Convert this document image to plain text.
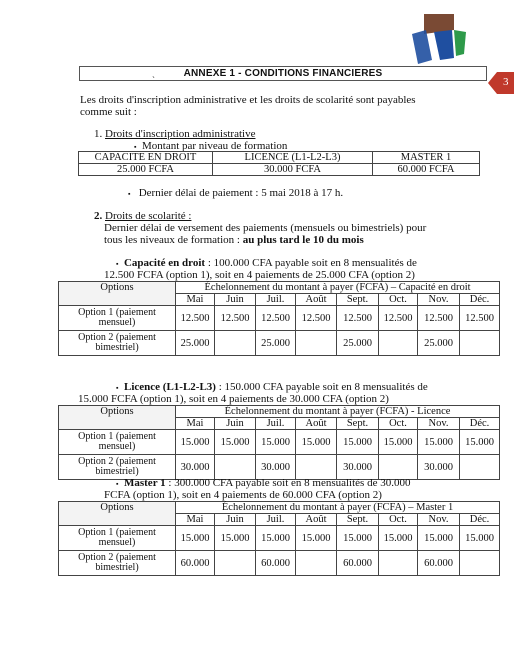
3
ˎ	ANNEXE 1 - CONDITIONS FINANCIERES
Les droits d'inscription administrative et les droits de scolarité sont payables
comme suit :
1. Droits d'inscription administrative
▪ Montant par niveau de formation
CAPACITE EN DROIT	LICENCE (L1-L2-L3)	MASTER 1
25.000 FCFA	30.000 FCFA	60.000 FCFA
▪ Dernier délai de paiement : 5 mai 2018 à 17 h.
2. Droits de scolarité :
Dernier délai de versement des paiements (mensuels ou bimestriels) pour
tous les niveaux de formation : au plus tard le 10 du mois
▪ Capacité en droit : 100.000 CFA payable soit en 8 mensualités de
12.500 FCFA (option 1), soit en 4 paiements de 25.000 CFA (option 2)
Options	Échelonnement du montant à payer (FCFA) – Capacité en droit							
	Mai	Juin	Juil.	Août	Sept.	Oct.	Nov.	Déc.
Option 1 (paiement
mensuel)	12.500	12.500	12.500	12.500	12.500	12.500	12.500	12.500
Option 2 (paiement
bimestriel)	25.000		25.000		25.000		25.000	
▪ Licence (L1-L2-L3) : 150.000 CFA payable soit en 8 mensualités de
15.000 FCFA (option 1), soit en 4 paiements de 30.000 CFA (option 2)
Options	Échelonnement du montant à payer (FCFA) - Licence							
	Mai	Juin	Juil.	Août	Sept.	Oct.	Nov.	Déc.
Option 1 (paiement
mensuel)	15.000	15.000	15.000	15.000	15.000	15.000	15.000	15.000
Option 2 (paiement
bimestriel)	30.000		30.000		30.000		30.000	
▪ Master 1 : 300.000 CFA payable soit en 8 mensualités de 30.000
FCFA (option 1), soit en 4 paiements de 60.000 CFA (option 2)
Options	Échelonnement du montant à payer (FCFA) – Master 1							
	Mai	Juin	Juil.	Août	Sept.	Oct.	Nov.	Déc.
Option 1 (paiement
mensuel)	15.000	15.000	15.000	15.000	15.000	15.000	15.000	15.000
Option 2 (paiement
bimestriel)	60.000		60.000		60.000		60.000	
